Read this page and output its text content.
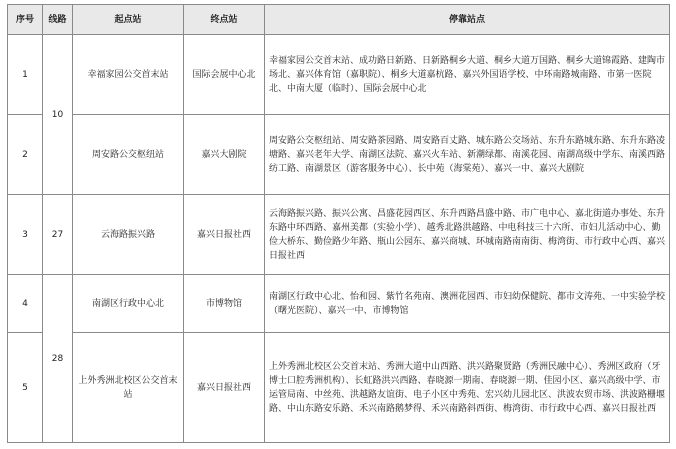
序号	线路	起点站	终点站	停靠站点
1	10	幸福家园公交首末站	国际会展中心北	幸福家园公交首末站、成功路日新路、日新路桐乡大道、桐乡大道万国路、桐乡大道锦霞路、建陶市场北、嘉兴体育馆（嘉职院）、桐乡大道嘉杭路、嘉兴外国语学校、中环南路城南路、市第一医院北、中南大厦（临时）、国际会展中心北
2		周安路公交枢纽站	嘉兴大剧院	周安路公交枢纽站、周安路茶园路、周安路百丈路、城东路公交场站、东升东路城东路、东升东路凌塘路、嘉兴老年大学、南湖区法院、嘉兴火车站、新潮绿都、南溪花园、南湖高级中学东、南溪西路纺工路、南湖景区（游客服务中心）、长中苑（海棠苑）、嘉兴一中、嘉兴大剧院
3	27	云海路振兴路	嘉兴日报社西	云海路振兴路、振兴公寓、昌盛花园西区、东升西路昌盛中路、市广电中心、嘉北街道办事处、东升东路中环西路、嘉州美都（实验小学）、越秀北路洪越路、中电科技三十六所、市妇儿活动中心、勤俭大桥东、勤俭路少年路、瓶山公园东、嘉兴商城、环城南路南南街、梅湾街、市行政中心西、嘉兴日报社西
4	28	南湖区行政中心北	市博物馆	南湖区行政中心北、怡和园、紫竹名苑南、澳洲花园西、市妇幼保健院、都市文涛苑、一中实验学校（曙光医院）、嘉兴一中、市博物馆
5		上外秀洲北校区公交首末站	嘉兴日报社西	上外秀洲北校区公交首末站、秀洲大道中山西路、洪兴路聚贤路（秀洲民融中心）、秀洲区政府（牙博士口腔秀洲机构）、长虹路洪兴西路、春晓源一期南、春晓源一期、佳园小区、嘉兴高级中学、市运管局南、中丝苑、洪越路友谊街、电子小区中秀苑、宏兴幼儿园北区、洪波农贸市场、洪波路栅堰路、中山东路安乐路、禾兴南路鹅梦得、禾兴南路斜西街、梅湾街、市行政中心西、嘉兴日报社西
